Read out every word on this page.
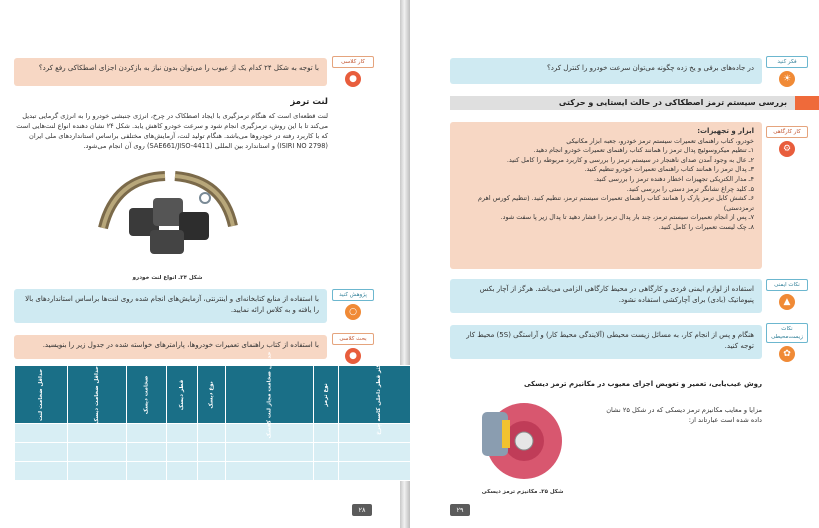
با توجه به شکل ۲۴ کدام یک از عیوب را می‌توان بدون نیاز به بازکردن اجزای اصطکاکی رفع کرد؟
کار کلاسی
●
لنت ترمز
لنت قطعه‌ای است که هنگام ترمزگیری با ایجاد اصطکاک در چرخ، انرژی جنبشی خودرو را به انرژی گرمایی تبدیل می‌کند تا با این روش، ترمزگیری انجام شود و سرعت خودرو کاهش یابد. شکل ۲۴ نشان دهنده انواع لنت‌هایی است که با کاربرد رفته در خودروها می‌باشد. هنگام تولید لنت، آزمایش‌های مختلفی براساس استانداردهای ملی ایران (ISIRI NO 2798) و استاندارد بین المللی (SAE661/JISO-4411) روی آن انجام می‌شود.
شکل ۲۴ـ انواع لنت خودرو
با استفاده از منابع کتابخانه‌ای و اینترنتی، آزمایش‌های انجام شده روی لنت‌ها براساس استانداردهای بالا را یافته و به کلاس ارائه نمایید.
پژوهش کنید
○
با استفاده از کتاب راهنمای تعمیرات خودروها، پارامترهای خواسته شده در جدول زیر را بنویسید.
بحث کلاسی
●
			حداکثر قطر داخلی کاسه چرخ	نوع ترمز	حداقل ضخامت مجاز لنت کفشک	نوع دیسک	قطر دیسک	ضخامت دیسک	حداقل ضخامت دیسک	حداقل ضخامت لنت

۲۸
در جاده‌های برفی و یخ زده چگونه می‌توان سرعت خودرو را کنترل کرد؟
فکر کنید
☀
ابزار و تجهیزات:
خودرو، کتاب راهنمای تعمیرات سیستم ترمز خودرو، جعبه ابزار مکانیکی
۱ـ تنظیم میکروسوئیچ پدال ترمز را همانند کتاب راهنمای تعمیرات خودرو انجام دهید.
۲ـ عال به وجود آمدن صدای ناهنجار در سیستم ترمز را بررسی و کاربرد مربوطه را کامل کنید.
۳ـ پدال ترمز را همانند کتاب راهنمای تعمیرات خودرو تنظیم کنید.
۴ـ مدار الکتریکی تجهیزات اخطار دهنده ترمز را بررسی کنید.
۵ـ کلید چراغ نشانگر ترمز دستی را بررسی کنید.
۶ـ کشش کابل ترمز پارک را همانند کتاب راهنمای تعمیرات سیستم ترمز، تنظیم کنید. (تنظیم کورس اهرم ترمزدستی)
۷ـ پس از انجام تعمیرات سیستم ترمز، چند بار پدال ترمز را فشار دهید تا پدال زیر پا سفت شود.
۸ـ چک لیست تعمیرات را کامل کنید.
کار کارگاهی
⚙
استفاده از لوازم ایمنی فردی و کارگاهی در محیط کارگاهی الزامی می‌باشد. هرگز از آچار بکس پنیوماتیک (بادی) برای آچارکشی استفاده نشود.
نکات ایمنی
▲
هنگام و پس از انجام کار، به مسائل زیست محیطی (آلایندگی محیط کار) و آراستگی (5S) محیط کار توجه کنید.
نکات زیست‌محیطی
✿
روش عیب‌یابی، تعمیر و تعویض اجزای معیوب در مکانیزم ترمز دیسکی
مزایا و معایب مکانیزم ترمز دیسکی که در شکل ۲۵ نشان داده شده است عبارتاند از:
شکل ۲۵ـ مکانیزم ترمز دیسکی
۲۹
بررسی سیستم ترمز اصطکاکی در حالت ایستایی و حرکتی
